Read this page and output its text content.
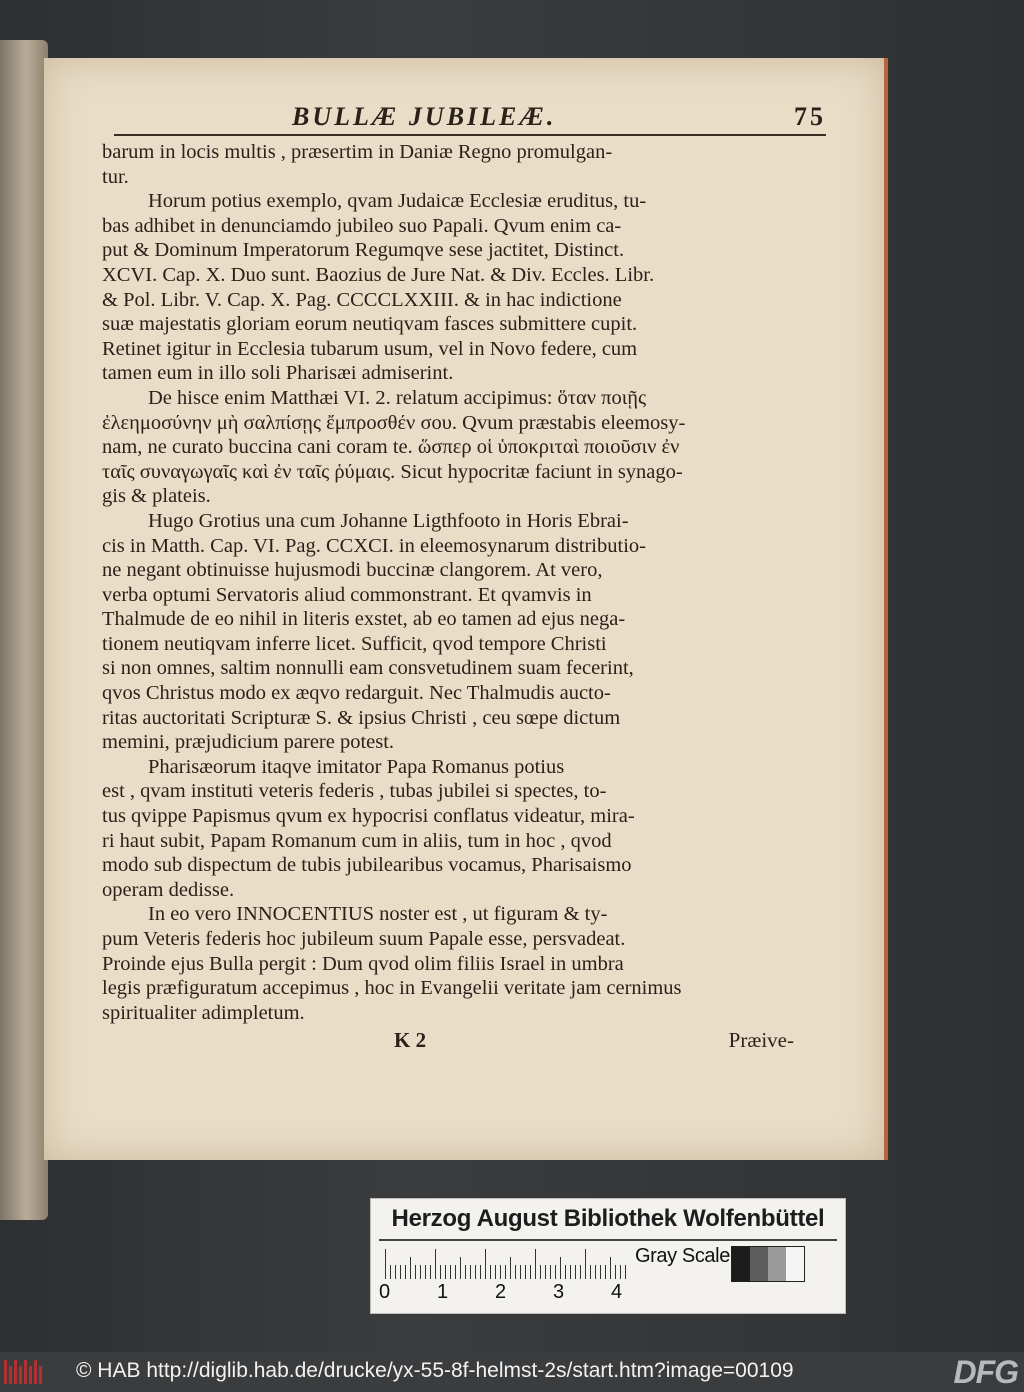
BULLÆ JUBILEÆ.	75
barum in locis multis , præsertim in Daniæ Regno promulgan-
tur.
Horum potius exemplo, qvam Judaicæ Ecclesiæ eruditus, tu-
bas adhibet in denunciamdo jubileo suo Papali. Qvum enim ca-
put & Dominum Imperatorum Regumqve sese jactitet, Distinct.
XCVI. Cap. X. Duo sunt. Baozius de Jure Nat. & Div. Eccles. Libr.
& Pol. Libr. V. Cap. X. Pag. CCCCLXXIII. & in hac indictione
suæ majestatis gloriam eorum neutiqvam fasces submittere cupit.
Retinet igitur in Ecclesia tubarum usum, vel in Novo federe, cum
tamen eum in illo soli Pharisæi admiserint.
De hisce enim Matthæi VI. 2. relatum accipimus: ὅταν ποιῇς
ἐλεημοσύνην μὴ σαλπίσῃς ἔμπροσθέν σου. Qvum præstabis eleemosy-
nam, ne curato buccina cani coram te. ὥσπερ οἱ ὑποκριταὶ ποιοῦσιν ἐν
ταῖς συναγωγαῖς καὶ ἐν ταῖς ῥύμαις. Sicut hypocritæ faciunt in synago-
gis & plateis.
Hugo Grotius una cum Johanne Ligthfooto in Horis Ebrai-
cis in Matth. Cap. VI. Pag. CCXCI. in eleemosynarum distributio-
ne negant obtinuisse hujusmodi buccinæ clangorem. At vero,
verba optumi Servatoris aliud commonstrant. Et qvamvis in
Thalmude de eo nihil in literis exstet, ab eo tamen ad ejus nega-
tionem neutiqvam inferre licet. Sufficit, qvod tempore Christi
si non omnes, saltim nonnulli eam consvetudinem suam fecerint,
qvos Christus modo ex æqvo redarguit. Nec Thalmudis aucto-
ritas auctoritati Scripturæ S. & ipsius Christi , ceu sœpe dictum
memini, præjudicium parere potest.
Pharisæorum itaqve imitator Papa Romanus potius
est , qvam instituti veteris federis , tubas jubilei si spectes, to-
tus qvippe Papismus qvum ex hypocrisi conflatus videatur, mira-
ri haut subit, Papam Romanum cum in aliis, tum in hoc , qvod
modo sub dispectum de tubis jubilearibus vocamus, Pharisaismo
operam dedisse.
In eo vero INNOCENTIUS noster est , ut figuram & ty-
pum Veteris federis hoc jubileum suum Papale esse, persvadeat.
Proinde ejus Bulla pergit : Dum qvod olim filiis Israel in umbra
legis præfiguratum accepimus , hoc in Evangelii veritate jam cernimus
spiritualiter adimpletum.
K 2	Præive-
Herzog August Bibliothek Wolfenbüttel
0 1 2 3 4
Gray Scale
© HAB http://diglib.hab.de/drucke/yx-55-8f-helmst-2s/start.htm?image=00109	DFG
